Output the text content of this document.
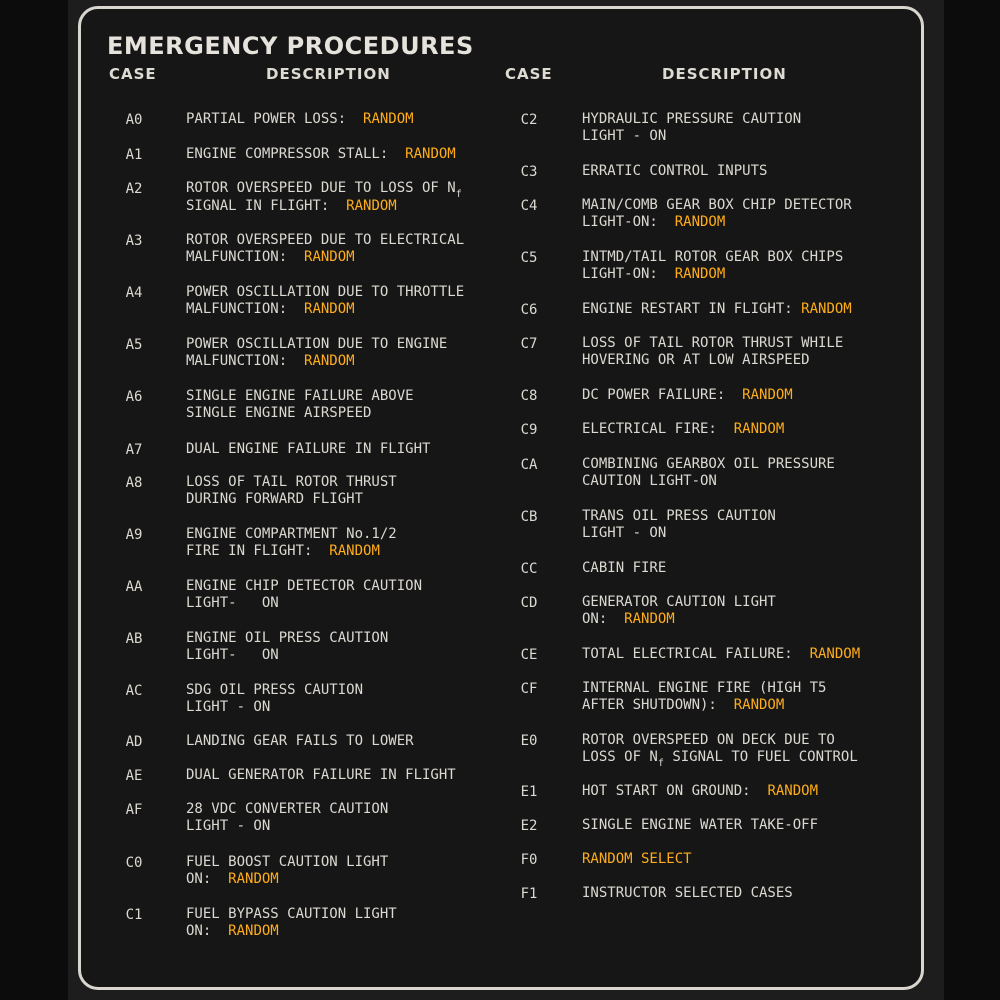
EMERGENCY PROCEDURES
CASE	DESCRIPTION	CASE	DESCRIPTION
A0	PARTIAL POWER LOSS:  RANDOM
A1	ENGINE COMPRESSOR STALL:  RANDOM
A2	ROTOR OVERSPEED DUE TO LOSS OF $N_f$
SIGNAL IN FLIGHT:  RANDOM
A3	ROTOR OVERSPEED DUE TO ELECTRICAL
MALFUNCTION:  RANDOM
A4	POWER OSCILLATION DUE TO THROTTLE
MALFUNCTION:  RANDOM
A5	POWER OSCILLATION DUE TO ENGINE
MALFUNCTION:  RANDOM
A6	SINGLE ENGINE FAILURE ABOVE
SINGLE ENGINE AIRSPEED
A7	DUAL ENGINE FAILURE IN FLIGHT
A8	LOSS OF TAIL ROTOR THRUST
DURING FORWARD FLIGHT
A9	ENGINE COMPARTMENT No.1/2
FIRE IN FLIGHT:  RANDOM
AA	ENGINE CHIP DETECTOR CAUTION
LIGHT-   ON
AB	ENGINE OIL PRESS CAUTION
LIGHT-   ON
AC	SDG OIL PRESS CAUTION
LIGHT - ON
AD	LANDING GEAR FAILS TO LOWER
AE	DUAL GENERATOR FAILURE IN FLIGHT
AF	28 VDC CONVERTER CAUTION
LIGHT - ON
C0	FUEL BOOST CAUTION LIGHT
ON:  RANDOM
C1	FUEL BYPASS CAUTION LIGHT
ON:  RANDOM
C2	HYDRAULIC PRESSURE CAUTION
LIGHT - ON
C3	ERRATIC CONTROL INPUTS
C4	MAIN/COMB GEAR BOX CHIP DETECTOR
LIGHT-ON:  RANDOM
C5	INTMD/TAIL ROTOR GEAR BOX CHIPS
LIGHT-ON:  RANDOM
C6	ENGINE RESTART IN FLIGHT: RANDOM
C7	LOSS OF TAIL ROTOR THRUST WHILE
HOVERING OR AT LOW AIRSPEED
C8	DC POWER FAILURE:  RANDOM
C9	ELECTRICAL FIRE:  RANDOM
CA	COMBINING GEARBOX OIL PRESSURE
CAUTION LIGHT-ON
CB	TRANS OIL PRESS CAUTION
LIGHT - ON
CC	CABIN FIRE
CD	GENERATOR CAUTION LIGHT
ON:  RANDOM
CE	TOTAL ELECTRICAL FAILURE:  RANDOM
CF	INTERNAL ENGINE FIRE (HIGH T5
AFTER SHUTDOWN):  RANDOM
E0	ROTOR OVERSPEED ON DECK DUE TO
LOSS OF $N_f$ SIGNAL TO FUEL CONTROL
E1	HOT START ON GROUND:  RANDOM
E2	SINGLE ENGINE WATER TAKE-OFF
F0	RANDOM SELECT
F1	INSTRUCTOR SELECTED CASES
